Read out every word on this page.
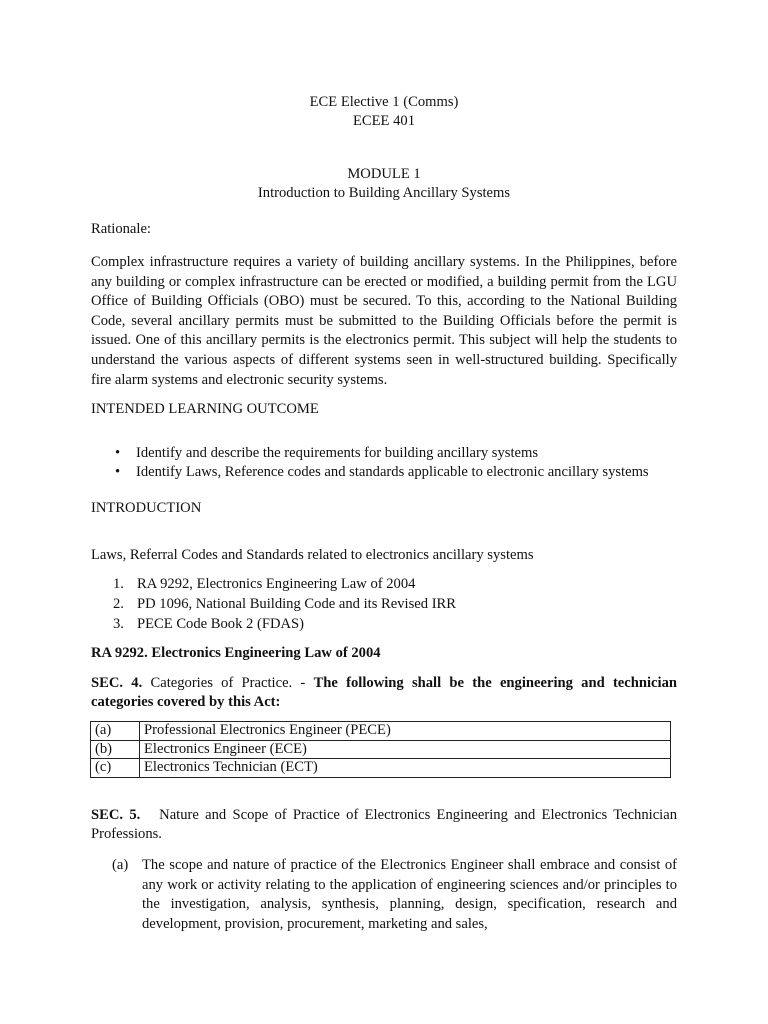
ECE Elective 1 (Comms)
ECEE 401
MODULE 1
Introduction to Building Ancillary Systems
Rationale:

Complex infrastructure requires a variety of building ancillary systems. In the Philippines, before any building or complex infrastructure can be erected or modified, a building permit from the LGU Office of Building Officials (OBO) must be secured. To this, according to the National Building Code, several ancillary permits must be submitted to the Building Officials before the permit is issued. One of this ancillary permits is the electronics permit. This subject will help the students to understand the various aspects of different systems seen in well-structured building. Specifically fire alarm systems and electronic security systems.

INTENDED LEARNING OUTCOME
• Identify and describe the requirements for building ancillary systems
• Identify Laws, Reference codes and standards applicable to electronic ancillary systems
INTRODUCTION
Laws, Referral Codes and Standards related to electronics ancillary systems
1. RA 9292, Electronics Engineering Law of 2004
2. PD 1096, National Building Code and its Revised IRR
3. PECE Code Book 2 (FDAS)
RA 9292. Electronics Engineering Law of 2004

SEC. 4. Categories of Practice. - The following shall be the engineering and technician categories covered by this Act:

(a)	Professional Electronics Engineer (PECE)
(b)	Electronics Engineer (ECE)
(c)	Electronics Technician (ECT)

SEC. 5. Nature and Scope of Practice of Electronics Engineering and Electronics Technician Professions.

(a) The scope and nature of practice of the Electronics Engineer shall embrace and consist of any work or activity relating to the application of engineering sciences and/or principles to the investigation, analysis, synthesis, planning, design, specification, research and development, provision, procurement, marketing and sales,
